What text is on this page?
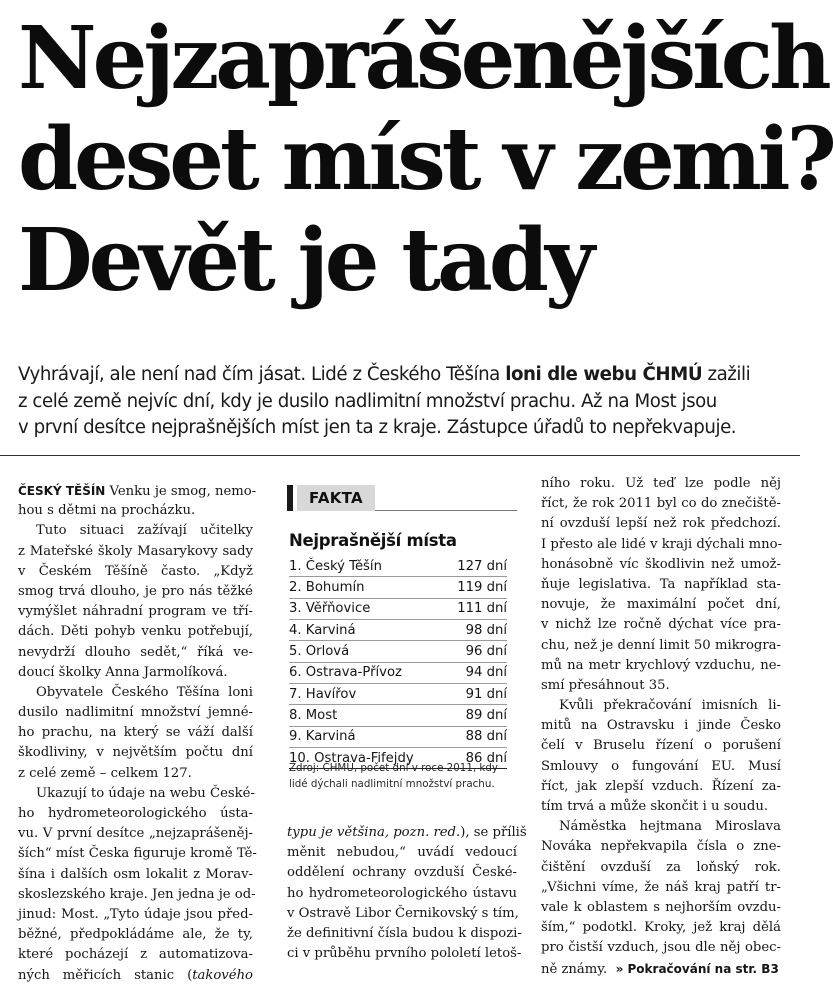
Nejzaprášenějších
deset míst v zemi?
Devět je tady

Vyhrávají, ale není nad čím jásat. Lidé z Českého Těšína loni dle webu ČHMÚ zažili
z celé země nejvíc dní, kdy je dusilo nadlimitní množství prachu. Až na Most jsou
v první desítce nejprašnějších míst jen ta z kraje. Zástupce úřadů to nepřekvapuje.

ČESKÝ TĚŠÍN Venku je smog, nemo-
hou s dětmi na procházku.
Tuto situaci zažívají učitelky
z Mateřské školy Masarykovy sady
v Českém Těšíně často. „Když
smog trvá dlouho, je pro nás těžké
vymýšlet náhradní program ve tří-
dách. Děti pohyb venku potřebují,
nevydrží dlouho sedět,“ říká ve-
doucí školky Anna Jarmolíková.
Obyvatele Českého Těšína loni
dusilo nadlimitní množství jemné-
ho prachu, na který se váží další
škodliviny, v největším počtu dní
z celé země – celkem 127.
Ukazují to údaje na webu České-
ho hydrometeorologického ústa-
vu. V první desítce „nejzaprášeněj-
ších“ míst Česka figuruje kromě Tě-
šína i dalších osm lokalit z Morav-
skoslezského kraje. Jen jedna je od-
jinud: Most. „Tyto údaje jsou před-
běžné, předpokládáme ale, že ty,
které pocházejí z automatizova-
ných měřicích stanic (takového
FAKTA
Nejprašnější místa
1. Český Těšín	127 dní
2. Bohumín	119 dní
3. Věřňovice	111 dní
4. Karviná	98 dní
5. Orlová	96 dní
6. Ostrava-Přívoz	94 dní
7. Havířov	91 dní
8. Most	89 dní
9. Karviná	88 dní
10. Ostrava-Fifejdy	86 dní
Zdroj: ČHMÚ, počet dní v roce 2011, kdy
lidé dýchali nadlimitní množství prachu.
typu je většina, pozn. red.), se příliš
měnit nebudou,“ uvádí vedoucí
oddělení ochrany ovzduší České-
ho hydrometeorologického ústavu
v Ostravě Libor Černikovský s tím,
že definitivní čísla budou k dispozi-
ci v průběhu prvního pololetí letoš-
ního roku. Už teď lze podle něj
říct, že rok 2011 byl co do znečiště-
ní ovzduší lepší než rok předchozí.
I přesto ale lidé v kraji dýchali mno-
honásobně víc škodlivin než umož-
ňuje legislativa. Ta například sta-
novuje, že maximální počet dní,
v nichž lze ročně dýchat více pra-
chu, než je denní limit 50 mikrogra-
mů na metr krychlový vzduchu, ne-
smí přesáhnout 35.
Kvůli překračování imisních li-
mitů na Ostravsku i jinde Česko
čelí v Bruselu řízení o porušení
Smlouvy o fungování EU. Musí
říct, jak zlepší vzduch. Řízení za-
tím trvá a může skončit i u soudu.
Náměstka hejtmana Miroslava
Nováka nepřekvapila čísla o zne-
čištění ovzduší za loňský rok.
„Všichni víme, že náš kraj patří tr-
vale k oblastem s nejhorším ovzdu-
ším,“ podotkl. Kroky, jež kraj dělá
pro čistší vzduch, jsou dle něj obec-
ně známy. » Pokračování na str. B3
